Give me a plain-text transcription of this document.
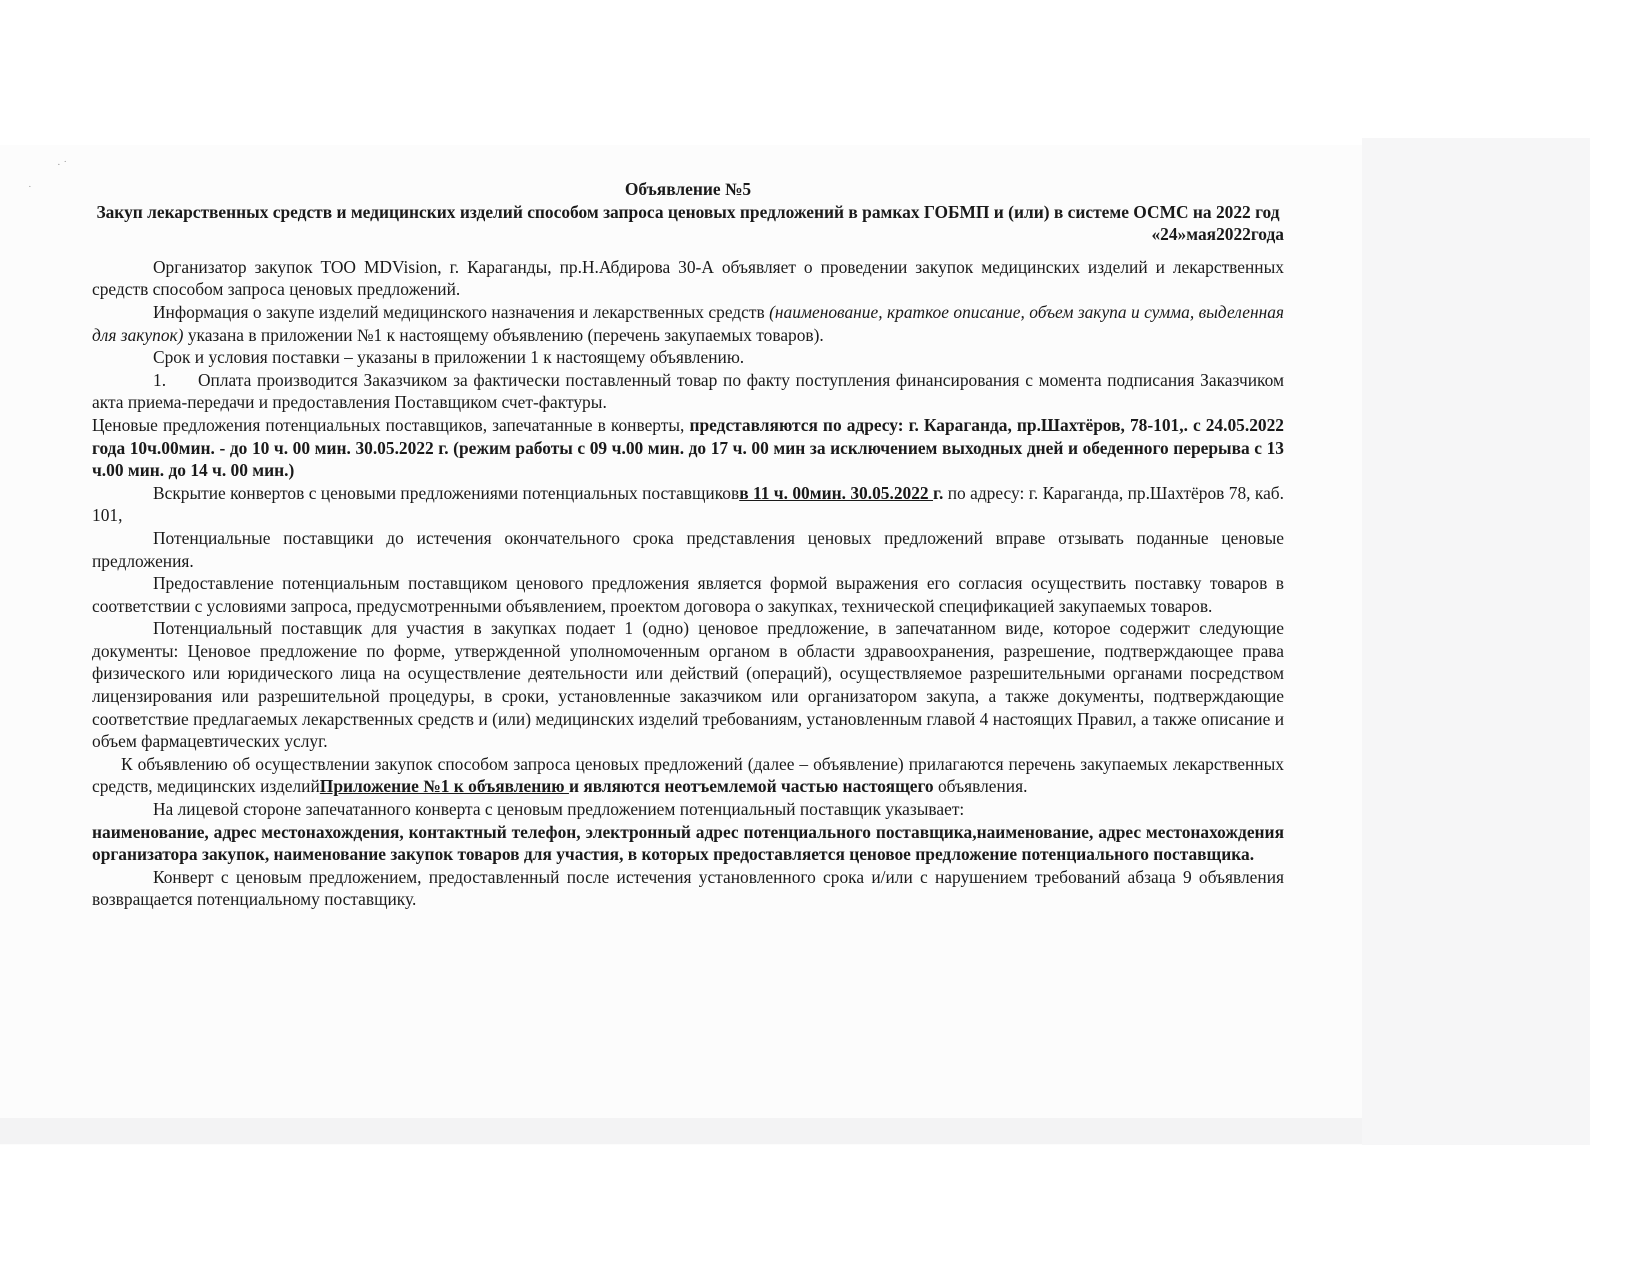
· ˙
˙	Объявление №5

Закуп лекарственных средств и медицинских изделий способом запроса ценовых предложений в рамках ГОБМП и (или) в системе ОСМС на 2022 год

«24»мая2022года

Организатор закупок ТОО MDVision, г. Караганды, пр.Н.Абдирова 30-А объявляет о проведении закупок медицинских изделий и лекарственных средств способом запроса ценовых предложений.

Информация о закупе изделий медицинского назначения и лекарственных средств (наименование, краткое описание, объем закупа и сумма, выделенная для закупок) указана в приложении №1 к настоящему объявлению (перечень закупаемых товаров).

Срок и условия поставки – указаны в приложении 1 к настоящему объявлению.

1. Оплата производится Заказчиком за фактически поставленный товар по факту поступления финансирования с момента подписания Заказчиком акта приема-передачи и предоставления Поставщиком счет-фактуры.

Ценовые предложения потенциальных поставщиков, запечатанные в конверты, представляются по адресу: г. Караганда, пр.Шахтёров, 78-101,. с 24.05.2022 года 10ч.00мин. - до 10 ч. 00 мин. 30.05.2022 г. (режим работы с 09 ч.00 мин. до 17 ч. 00 мин за исключением выходных дней и обеденного перерыва с 13 ч.00 мин. до 14 ч. 00 мин.)

Вскрытие конвертов с ценовыми предложениями потенциальных поставщиковв 11 ч. 00мин. 30.05.2022 г. по адресу: г. Караганда, пр.Шахтёров 78, каб. 101,

Потенциальные поставщики до истечения окончательного срока представления ценовых предложений вправе отзывать поданные ценовые предложения.

Предоставление потенциальным поставщиком ценового предложения является формой выражения его согласия осуществить поставку товаров в соответствии с условиями запроса, предусмотренными объявлением, проектом договора о закупках, технической спецификацией закупаемых товаров.

Потенциальный поставщик для участия в закупках подает 1 (одно) ценовое предложение, в запечатанном виде, которое содержит следующие документы: Ценовое предложение по форме, утвержденной уполномоченным органом в области здравоохранения, разрешение, подтверждающее права физического или юридического лица на осуществление деятельности или действий (операций), осуществляемое разрешительными органами посредством лицензирования или разрешительной процедуры, в сроки, установленные заказчиком или организатором закупа, а также документы, подтверждающие соответствие предлагаемых лекарственных средств и (или) медицинских изделий требованиям, установленным главой 4 настоящих Правил, а также описание и объем фармацевтических услуг.

К объявлению об осуществлении закупок способом запроса ценовых предложений (далее – объявление) прилагаются перечень закупаемых лекарственных средств, медицинских изделийПриложение №1 к объявлению и являются неотъемлемой частью настоящего объявления.

На лицевой стороне запечатанного конверта с ценовым предложением потенциальный поставщик указывает:

наименование, адрес местонахождения, контактный телефон, электронный адрес потенциального поставщика,наименование, адрес местонахождения организатора закупок, наименование закупок товаров для участия, в которых предоставляется ценовое предложение потенциального поставщика.

Конверт с ценовым предложением, предоставленный после истечения установленного срока и/или с нарушением требований абзаца 9 объявления возвращается потенциальному поставщику.
